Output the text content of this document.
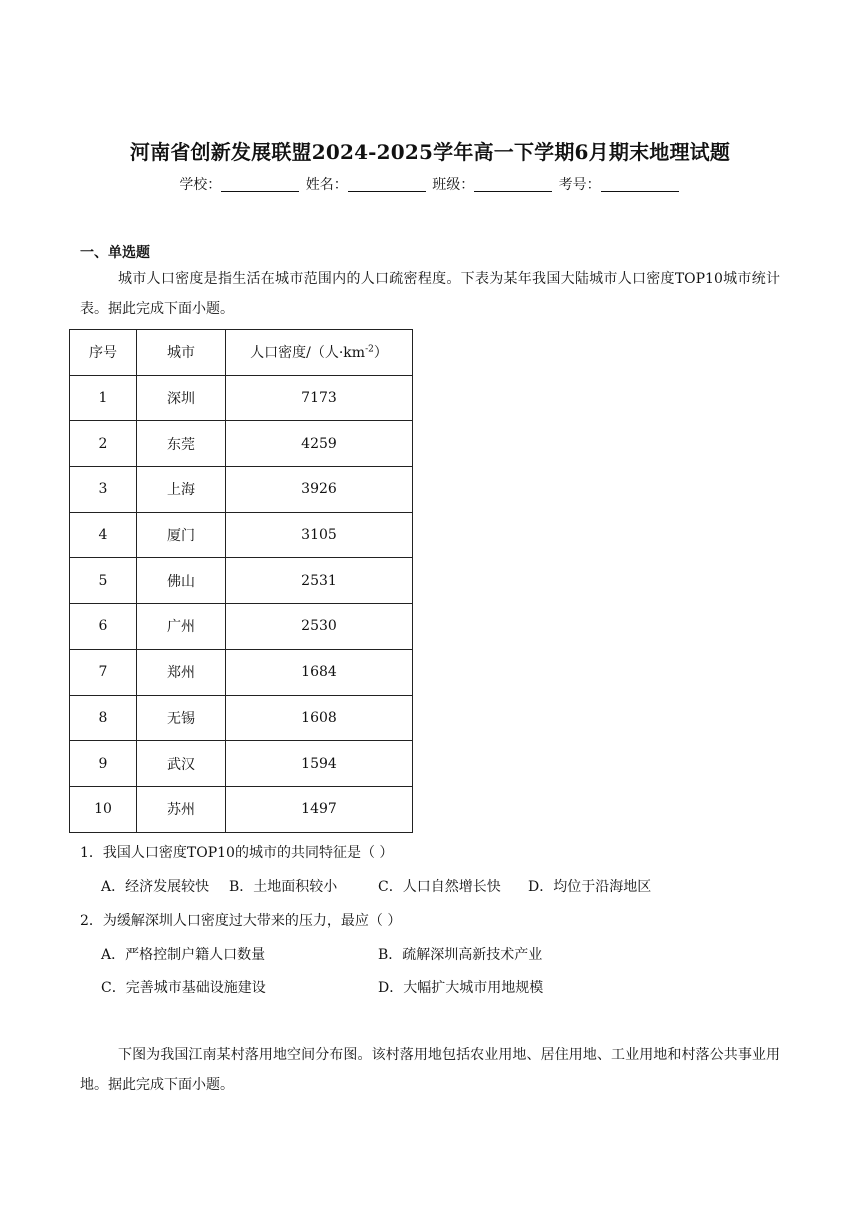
河南省创新发展联盟2024-2025学年高一下学期6月期末地理试题
学校：	姓名：	班级：	考号：
一、单选题
城市人口密度是指生活在城市范围内的人口疏密程度。下表为某年我国大陆城市人口密度TOP10城市统计表。据此完成下面小题。
序号	城市	人口密度/（人$\cdot km^{-2}$）
1	深圳	7173
2	东莞	4259
3	上海	3926
4	厦门	3105
5	佛山	2531
6	广州	2530
7	郑州	1684
8	无锡	1608
9	武汉	1594
10	苏州	1497
1．我国人口密度TOP10的城市的共同特征是（ ）
A．经济发展较快 B．土地面积较小	C．人口自然增长快 D．均位于沿海地区
2．为缓解深圳人口密度过大带来的压力，最应（ ）
A．严格控制户籍人口数量	B．疏解深圳高新技术产业
C．完善城市基础设施建设	D．大幅扩大城市用地规模
下图为我国江南某村落用地空间分布图。该村落用地包括农业用地、居住用地、工业用地和村落公共事业用地。据此完成下面小题。
